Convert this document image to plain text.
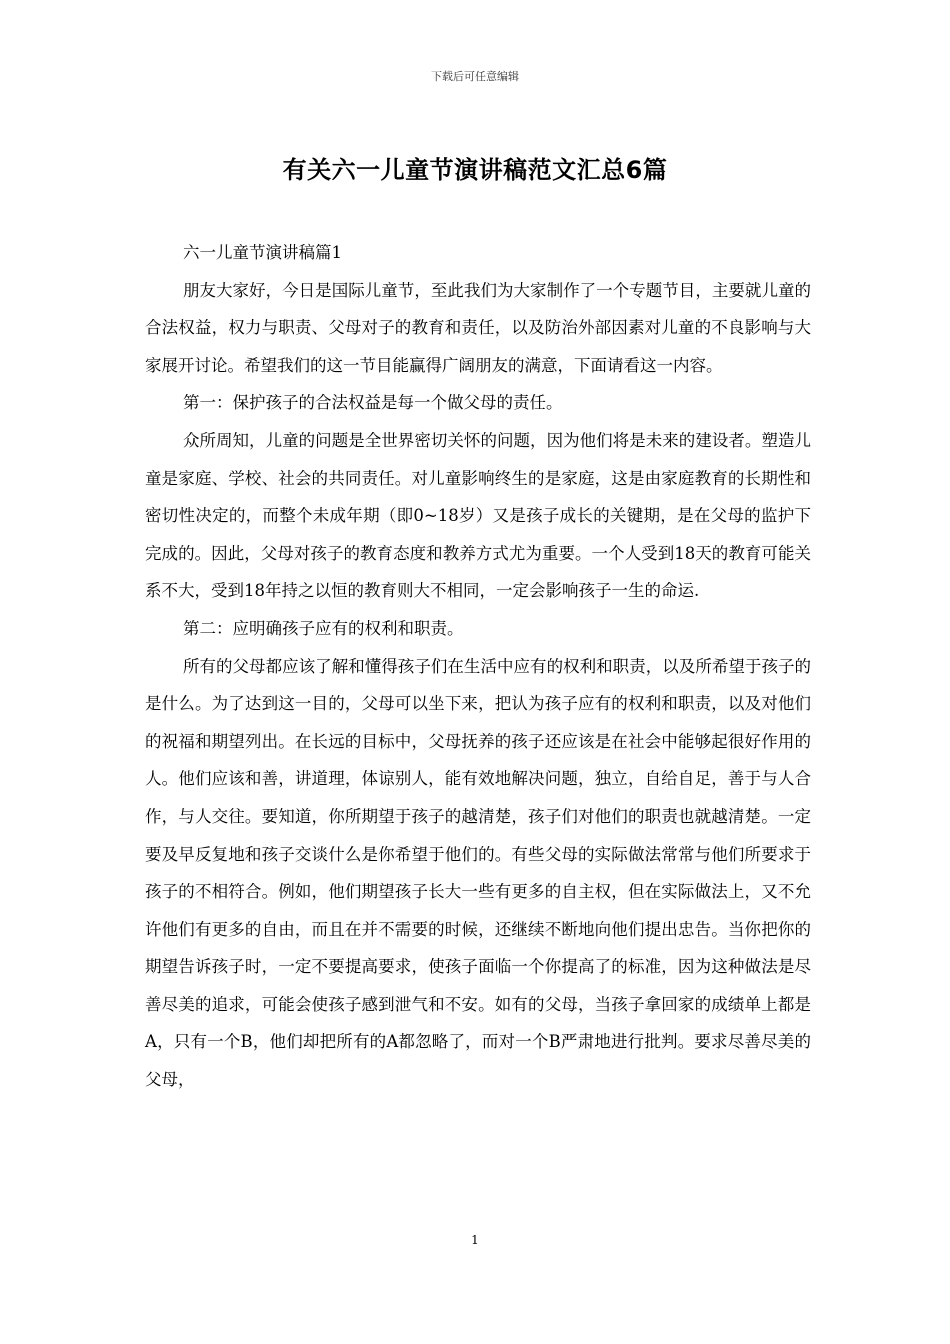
下载后可任意编辑
有关六一儿童节演讲稿范文汇总6篇

六一儿童节演讲稿篇1

朋友大家好，今日是国际儿童节，至此我们为大家制作了一个专题节目，主要就儿童的合法权益，权力与职责、父母对子的教育和责任，以及防治外部因素对儿童的不良影响与大家展开讨论。希望我们的这一节目能赢得广阔朋友的满意，下面请看这一内容。

第一：保护孩子的合法权益是每一个做父母的责任。

众所周知，儿童的问题是全世界密切关怀的问题，因为他们将是未来的建设者。塑造儿童是家庭、学校、社会的共同责任。对儿童影响终生的是家庭，这是由家庭教育的长期性和密切性决定的，而整个未成年期（即0~18岁）又是孩子成长的关键期，是在父母的监护下完成的。因此，父母对孩子的教育态度和教养方式尤为重要。一个人受到18天的教育可能关系不大，受到18年持之以恒的教育则大不相同，一定会影响孩子一生的命运.

第二：应明确孩子应有的权利和职责。

所有的父母都应该了解和懂得孩子们在生活中应有的权利和职责，以及所希望于孩子的是什么。为了达到这一目的，父母可以坐下来，把认为孩子应有的权利和职责，以及对他们的祝福和期望列出。在长远的目标中，父母抚养的孩子还应该是在社会中能够起很好作用的人。他们应该和善，讲道理，体谅别人，能有效地解决问题，独立，自给自足，善于与人合作，与人交往。要知道，你所期望于孩子的越清楚，孩子们对他们的职责也就越清楚。一定要及早反复地和孩子交谈什么是你希望于他们的。有些父母的实际做法常常与他们所要求于孩子的不相符合。例如，他们期望孩子长大一些有更多的自主权，但在实际做法上，又不允许他们有更多的自由，而且在并不需要的时候，还继续不断地向他们提出忠告。当你把你的期望告诉孩子时，一定不要提高要求，使孩子面临一个你提高了的标准，因为这种做法是尽善尽美的追求，可能会使孩子感到泄气和不安。如有的父母，当孩子拿回家的成绩单上都是A，只有一个B，他们却把所有的A都忽略了，而对一个B严肃地进行批判。要求尽善尽美的父母，

1
